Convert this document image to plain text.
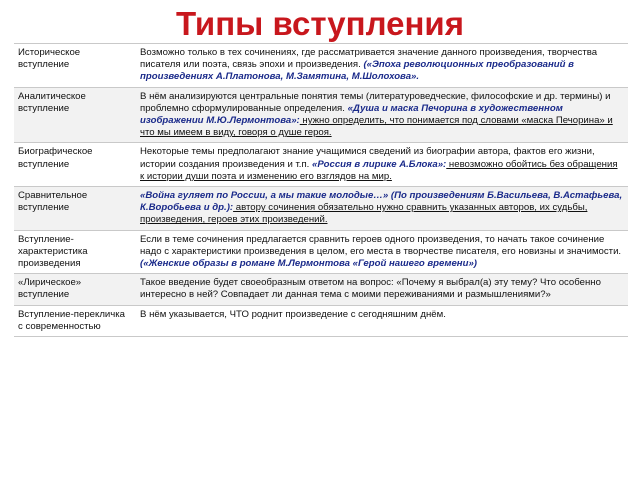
Типы вступления
Историческое вступление
Возможно только в тех сочинениях, где рассматривается значение данного произведения, творчества писателя или поэта, связь эпохи и произведения. («Эпоха революционных преобразований в произведениях А.Платонова, М.Замятина, М.Шолохова».
Аналитическое вступление
В нём анализируются центральные понятия темы (литературоведческие, философские и др. термины) и проблемно сформулированные определения. «Душа и маска Печорина в художественном изображении М.Ю.Лермонтова»: нужно определить, что понимается под словами «маска Печорина» и что мы имеем в виду, говоря о душе героя.
Биографическое вступление
Некоторые темы предполагают знание учащимися сведений из биографии автора, фактов его жизни, истории создания произведения и т.п. «Россия в лирике А.Блока»: невозможно обойтись без обращения к истории души поэта и изменению его взглядов на мир.
Сравнительное вступление
«Война гуляет по России, а мы такие молодые…» (По произведениям Б.Васильева, В.Астафьева, К.Воробьева и др.): автору сочинения обязательно нужно сравнить указанных авторов, их судьбы, произведения, героев этих произведений.
Вступление-характеристика произведения
Если в теме сочинения предлагается сравнить героев одного произведения, то начать такое сочинение надо с характеристики произведения в целом, его места в творчестве писателя, его новизны и значимости. («Женские образы в романе М.Лермонтова «Герой нашего времени»)
«Лирическое» вступление
Такое введение будет своеобразным ответом на вопрос: «Почему я выбрал(а) эту тему? Что особенно интересно в ней? Совпадает ли данная тема с моими переживаниями и размышлениями?»
Вступление-перекличка с современностью
В нём указывается, ЧТО роднит произведение с сегодняшним днём.
